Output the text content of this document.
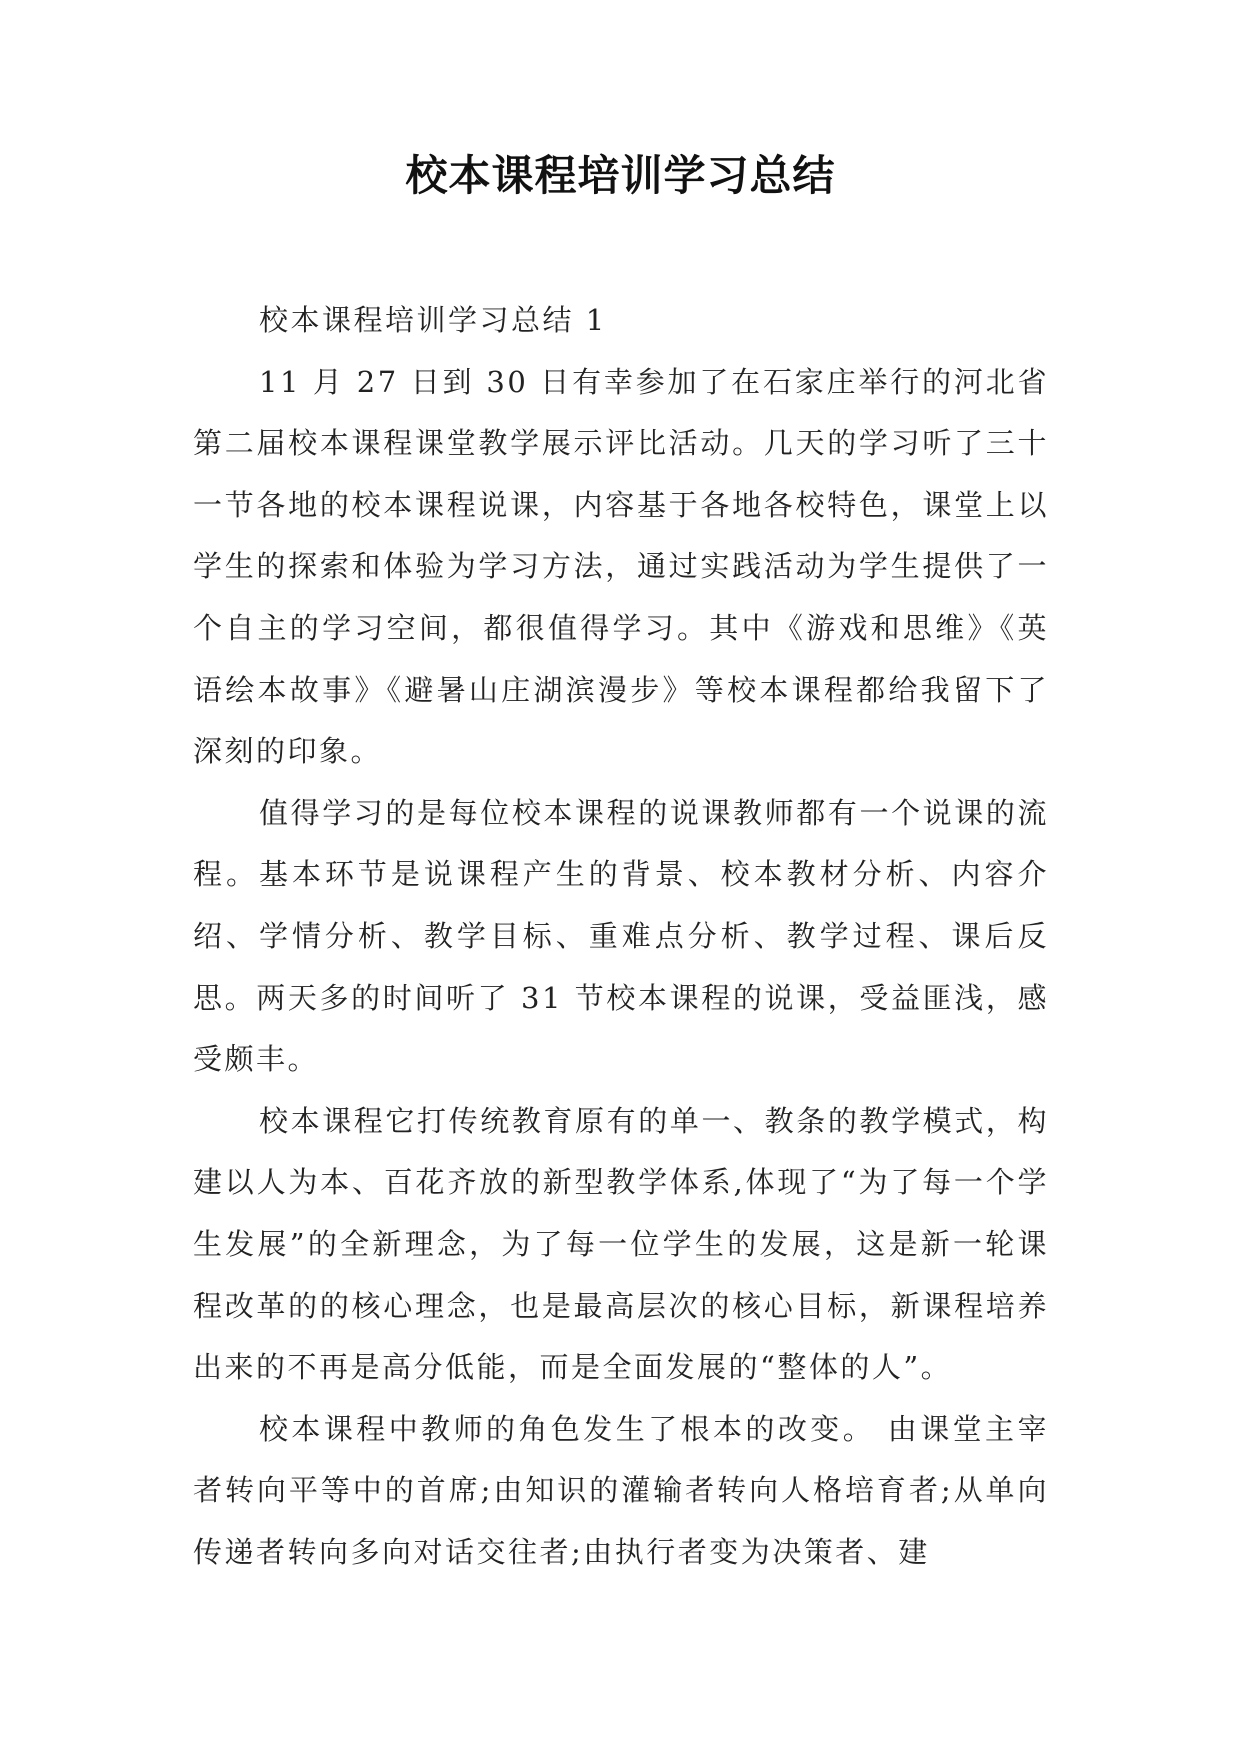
校本课程培训学习总结

校本课程培训学习总结 1

11 月 27 日到 30 日有幸参加了在石家庄举行的河北省第二届校本课程课堂教学展示评比活动。几天的学习听了三十一节各地的校本课程说课，内容基于各地各校特色，课堂上以学生的探索和体验为学习方法，通过实践活动为学生提供了一个自主的学习空间，都很值得学习。其中《游戏和思维》《英语绘本故事》《避暑山庄湖滨漫步》等校本课程都给我留下了深刻的印象。

值得学习的是每位校本课程的说课教师都有一个说课的流程。基本环节是说课程产生的背景、校本教材分析、内容介绍、学情分析、教学目标、重难点分析、教学过程、课后反思。两天多的时间听了 31 节校本课程的说课，受益匪浅，感受颇丰。

校本课程它打传统教育原有的单一、教条的教学模式，构建以人为本、百花齐放的新型教学体系,体现了“为了每一个学生发展”的全新理念，为了每一位学生的发展，这是新一轮课程改革的的核心理念，也是最高层次的核心目标，新课程培养出来的不再是高分低能，而是全面发展的“整体的人”。

校本课程中教师的角色发生了根本的改变。 由课堂主宰者转向平等中的首席;由知识的灌输者转向人格培育者;从单向传递者转向多向对话交往者;由执行者变为决策者、建
